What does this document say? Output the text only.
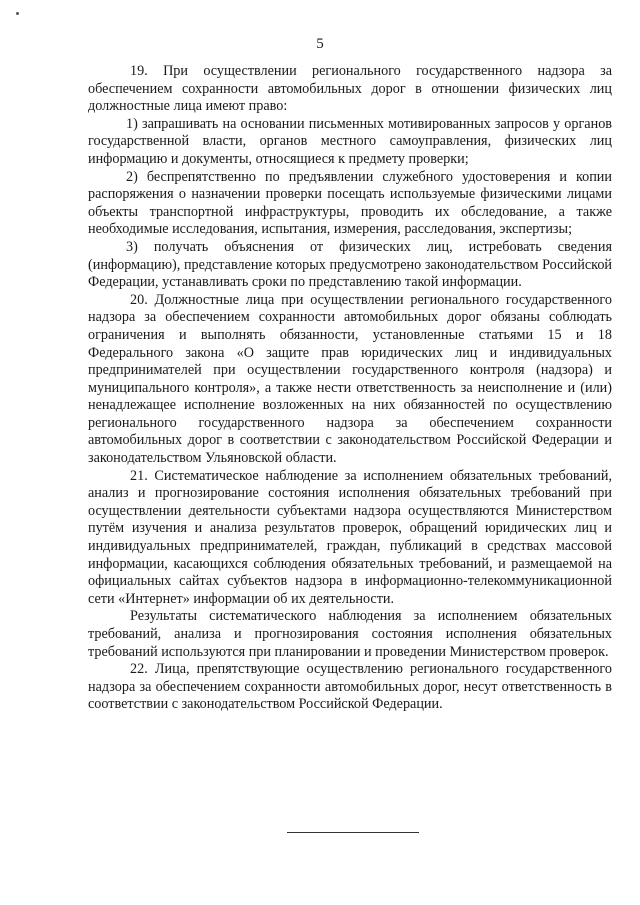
5

19. При осуществлении регионального государственного надзора за обеспечением сохранности автомобильных дорог в отношении физических лиц должностные лица имеют право:

1) запрашивать на основании письменных мотивированных запросов у органов государственной власти, органов местного самоуправления, физических лиц информацию и документы, относящиеся к предмету проверки;

2) беспрепятственно по предъявлении служебного удостоверения и копии распоряжения о назначении проверки посещать используемые физическими лицами объекты транспортной инфраструктуры, проводить их обследование, а также необходимые исследования, испытания, измерения, расследования, экспертизы;

3) получать объяснения от физических лиц, истребовать сведения (информацию), представление которых предусмотрено законодательством Российской Федерации, устанавливать сроки по представлению такой информации.

20. Должностные лица при осуществлении регионального государственного надзора за обеспечением сохранности автомобильных дорог обязаны соблюдать ограничения и выполнять обязанности, установленные статьями 15 и 18 Федерального закона «О защите прав юридических лиц и индивидуальных предпринимателей при осуществлении государственного контроля (надзора) и муниципального контроля», а также нести ответственность за неисполнение и (или) ненадлежащее исполнение возложенных на них обязанностей по осуществлению регионального государственного надзора за обеспечением сохранности автомобильных дорог в соответствии с законодательством Российской Федерации и законодательством Ульяновской области.

21. Систематическое наблюдение за исполнением обязательных требований, анализ и прогнозирование состояния исполнения обязательных требований при осуществлении деятельности субъектами надзора осуществляются Министерством путём изучения и анализа результатов проверок, обращений юридических лиц и индивидуальных предпринимателей, граждан, публикаций в средствах массовой информации, касающихся соблюдения обязательных требований, и размещаемой на официальных сайтах субъектов надзора в информационно-телекоммуникационной сети «Интернет» информации об их деятельности.

Результаты систематического наблюдения за исполнением обязательных требований, анализа и прогнозирования состояния исполнения обязательных требований используются при планировании и проведении Министерством проверок.

22. Лица, препятствующие осуществлению регионального государственного надзора за обеспечением сохранности автомобильных дорог, несут ответственность в соответствии с законодательством Российской Федерации.
